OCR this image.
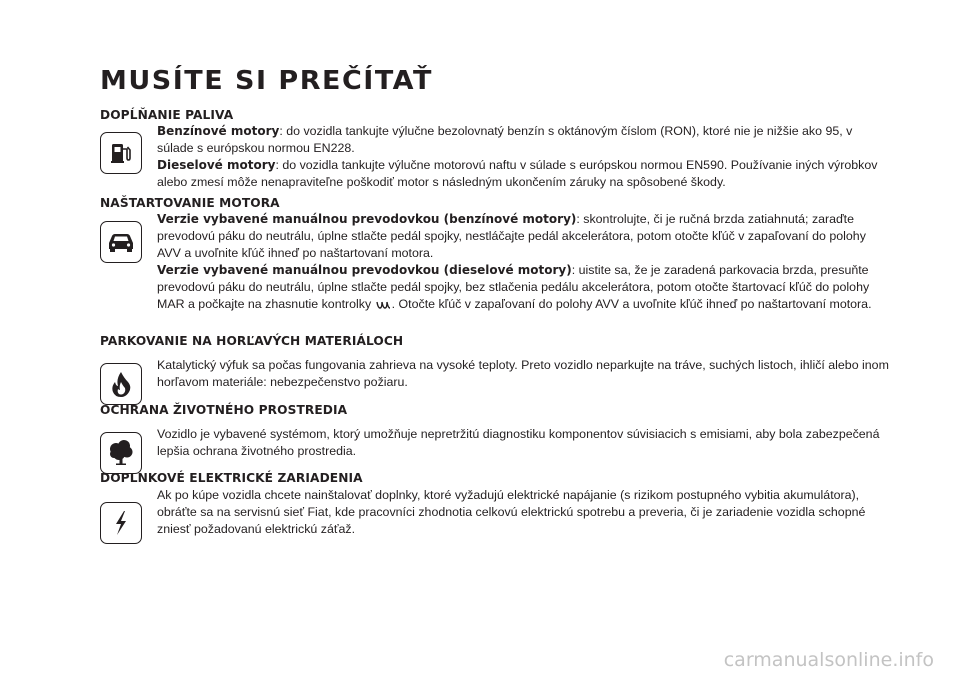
MUSÍTE SI PREČÍTAŤ
DOPĹŇANIE PALIVA

Benzínové motory: do vozidla tankujte výlučne bezolovnatý benzín s oktánovým číslom (RON), ktoré nie je nižšie ako 95, v súlade s európskou normou EN228.

Dieselové motory: do vozidla tankujte výlučne motorovú naftu v súlade s európskou normou EN590. Používanie iných výrobkov alebo zmesí môže nenapraviteľne poškodiť motor s následným ukončením záruky na spôsobené škody.

NAŠTARTOVANIE MOTORA

Verzie vybavené manuálnou prevodovkou (benzínové motory): skontrolujte, či je ručná brzda zatiahnutá; zaraďte prevodovú páku do neutrálu, úplne stlačte pedál spojky, nestláčajte pedál akcelerátora, potom otočte kľúč v zapaľovaní do polohy AVV a uvoľnite kľúč ihneď po naštartovaní motora.

Verzie vybavené manuálnou prevodovkou (dieselové motory): uistite sa, že je zaradená parkovacia brzda, presuňte prevodovú páku do neutrálu, úplne stlačte pedál spojky, bez stlačenia pedálu akcelerátora, potom otočte štartovací kľúč do polohy MAR a počkajte na zhasnutie kontrolky . Otočte kľúč v zapaľovaní do polohy AVV a uvoľnite kľúč ihneď po naštartovaní motora.

PARKOVANIE NA HORĽAVÝCH MATERIÁLOCH

Katalytický výfuk sa počas fungovania zahrieva na vysoké teploty. Preto vozidlo neparkujte na tráve, suchých listoch, ihličí alebo inom horľavom materiále: nebezpečenstvo požiaru.

OCHRANA ŽIVOTNÉHO PROSTREDIA

Vozidlo je vybavené systémom, ktorý umožňuje nepretržitú diagnostiku komponentov súvisiacich s emisiami, aby bola zabezpečená lepšia ochrana životného prostredia.

DOPLNKOVÉ ELEKTRICKÉ ZARIADENIA

Ak po kúpe vozidla chcete nainštalovať doplnky, ktoré vyžadujú elektrické napájanie (s rizikom postupného vybitia akumulátora), obráťte sa na servisnú sieť Fiat, kde pracovníci zhodnotia celkovú elektrickú spotrebu a preveria, či je zariadenie vozidla schopné zniesť požadovanú elektrickú záťaž.

carmanualsonline.info
